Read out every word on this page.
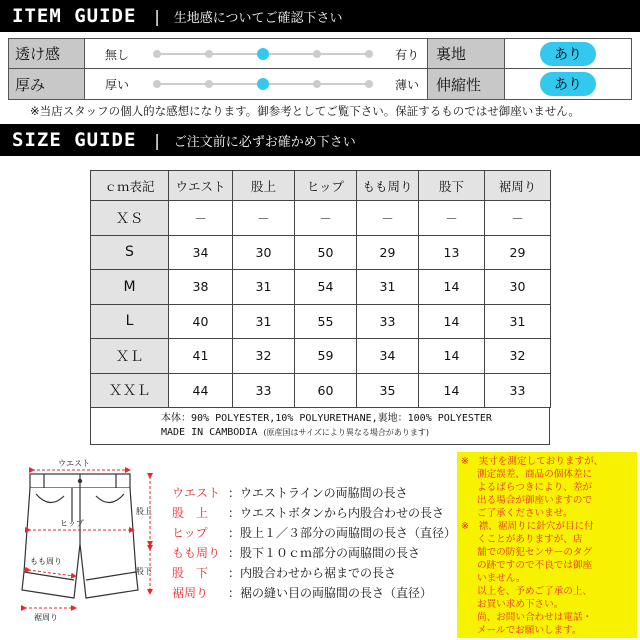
ITEM GUIDE | 生地感についてご確認下さい
透け感	無し	有り	裏地	あり
厚み	厚い	薄い	伸縮性	あり
※当店スタッフの個人的な感想になります。御参考としてご覧下さい。保証するものではせ御座いません。
SIZE GUIDE | ご注文前に必ずお確かめ下さい
ｃｍ表記	ウエスト	股上	ヒップ	もも周り	股下	裾周り
ＸＳ	－	－	－	－	－	－
S	34	30	50	29	13	29
M	38	31	54	31	14	30
L	40	31	55	33	14	31
ＸＬ	41	32	59	34	14	32
ＸＸＬ	44	33	60	35	14	33
本体：90% POLYESTER,10% POLYURETHANE,裏地：100% POLYESTER
MADE IN CAMBODIA (原産国はサイズにより異なる場合があります)
ウエスト
ヒップ
股上
もも周り
股下
裾周り
ウエスト ：ウエストラインの両脇間の長さ
股　上 ：ウエストボタンから内股合わせの長さ
ヒップ ：股上１／３部分の両脇間の長さ（直径）
もも周り ：股下１０ｃｍ部分の両脇間の長さ
股　下 ：内股合わせから裾までの長さ
裾周り ：裾の縫い目の両脇間の長さ（直径）

※　実寸を測定しておりますが、

測定誤差、商品の個体差に

よるばらつきにより、差が

出る場合が御座いますので

ご了承くださいませ。

※　襟、裾周りに針穴が目に付

くことがありますが、店

舗での防犯センサーのタグ

の跡ですので不良では御座

いません。

以上を、予めご了承の上、

お買い求め下さい。

尚、お問い合わせは電話・

メールでお願いします。
